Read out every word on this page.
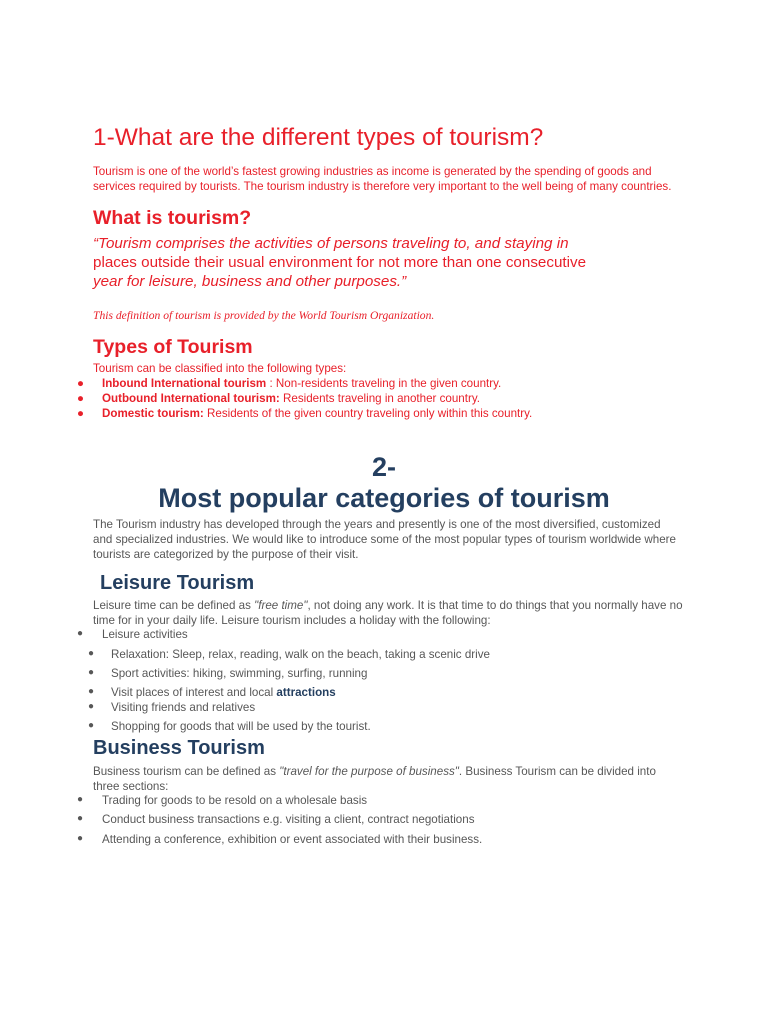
1-What are the different types of tourism?
Tourism is one of the world’s fastest growing industries as income is generated by the spending of goods and services required by tourists. The tourism industry is therefore very important to the well being of many countries.
What is tourism?
“Tourism comprises the activities of persons traveling to, and staying in
places outside their usual environment for not more than one consecutive
year for leisure, business and other purposes.”
This definition of tourism is provided by the World Tourism Organization.
Types of Tourism
Tourism can be classified into the following types:
● Inbound International tourism : Non-residents traveling in the given country.
● Outbound International tourism: Residents traveling in another country.
● Domestic tourism: Residents of the given country traveling only within this country.
2-
Most popular categories of tourism
The Tourism industry has developed through the years and presently is one of the most diversified, customized and specialized industries. We would like to introduce some of the most popular types of tourism worldwide where tourists are categorized by the purpose of their visit.
Leisure Tourism
Leisure time can be defined as "free time", not doing any work. It is that time to do things that you normally have no time for in your daily life. Leisure tourism includes a holiday with the following:
● Leisure activities
● Relaxation: Sleep, relax, reading, walk on the beach, taking a scenic drive
● Sport activities: hiking, swimming, surfing, running
● Visit places of interest and local attractions
● Visiting friends and relatives
● Shopping for goods that will be used by the tourist.
Business Tourism
Business tourism can be defined as "travel for the purpose of business". Business Tourism can be divided into three sections:
● Trading for goods to be resold on a wholesale basis
● Conduct business transactions e.g. visiting a client, contract negotiations
● Attending a conference, exhibition or event associated with their business.
